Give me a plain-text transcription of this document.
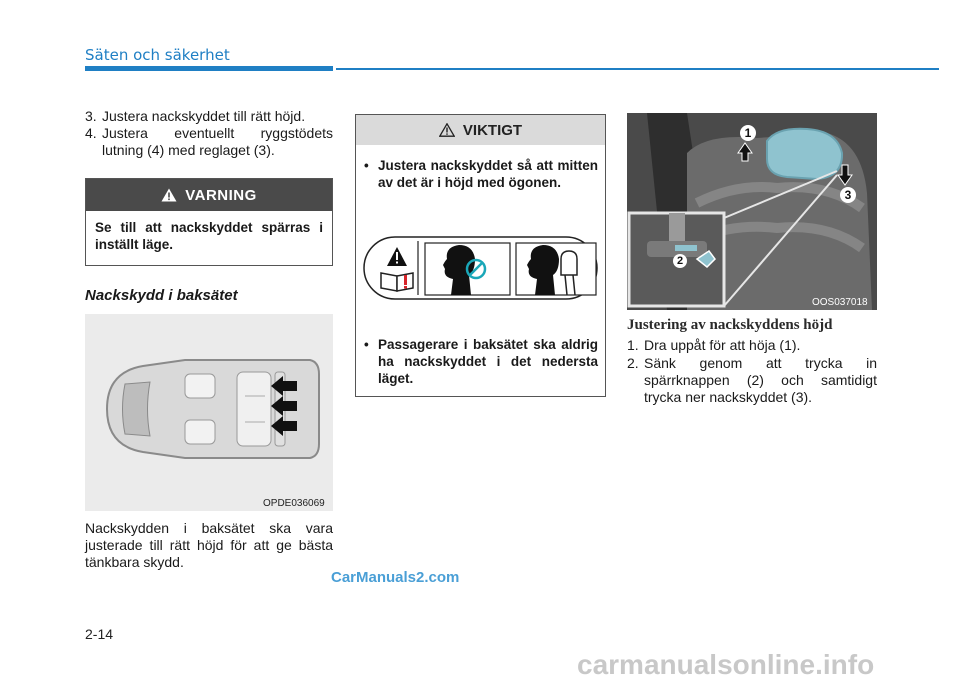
Säten och säkerhet
3. Justera nackskyddet till rätt höjd.
4. Justera eventuellt ryggstödets lutning (4) med reglaget (3).
VARNING
Se till att nackskyddet spärras i inställt läge.
Nackskydd i baksätet
OPDE036069
Nackskydden i baksätet ska vara justerade till rätt höjd för att ge bästa tänkbara skydd.
VIKTIGT
• Justera nackskyddet så att mitten av det är i höjd med ögonen.
• Passagerare i baksätet ska aldrig ha nackskyddet i det nedersta läget.
1
2
3
OOS037018
Justering av nackskyddens höjd
1. Dra uppåt för att höja (1).
2. Sänk genom att trycka in spärrknappen (2) och samtidigt trycka ner nackskyddet (3).
CarManuals2.com
2-14
carmanualsonline.info
